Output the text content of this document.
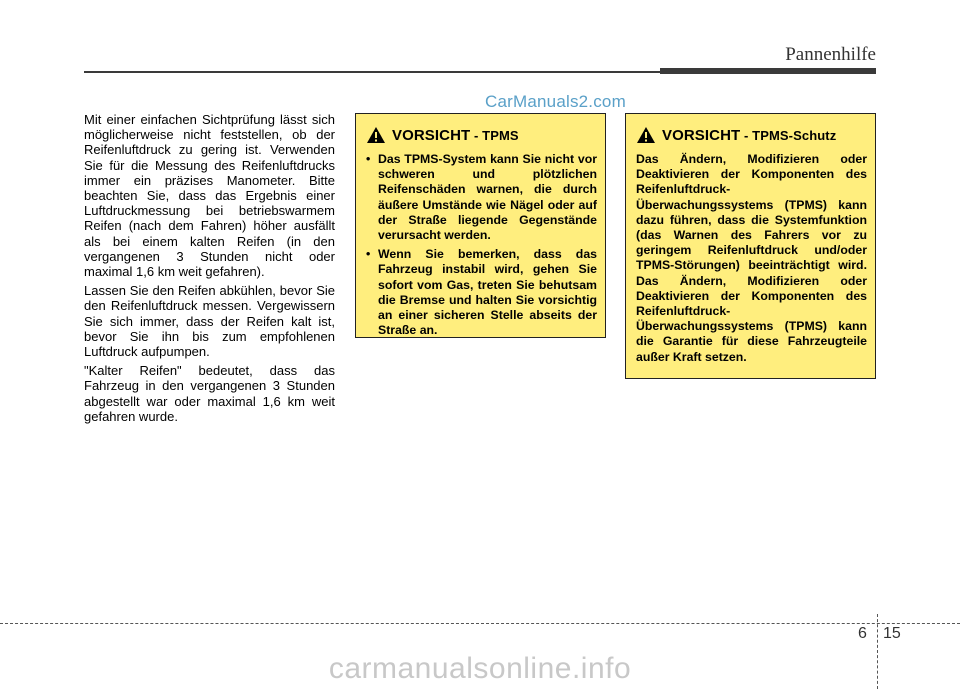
Pannenhilfe
CarManuals2.com

Mit einer einfachen Sichtprüfung lässt sich möglicherweise nicht feststellen, ob der Reifenluftdruck zu gering ist. Verwenden Sie für die Messung des Reifenluftdrucks immer ein präzises Manometer. Bitte beachten Sie, dass das Ergebnis einer Luftdruckmessung bei betriebswarmem Reifen (nach dem Fahren) höher ausfällt als bei einem kalten Reifen (in den vergangenen 3 Stunden nicht oder maximal 1,6 km weit gefahren).

Lassen Sie den Reifen abkühlen, bevor Sie den Reifenluftdruck messen. Vergewissern Sie sich immer, dass der Reifen kalt ist, bevor Sie ihn bis zum empfohlenen Luftdruck aufpumpen.

"Kalter Reifen" bedeutet, dass das Fahrzeug in den vergangenen 3 Stunden abgestellt war oder maximal 1,6 km weit gefahren wurde.

VORSICHT - TPMS
• Das TPMS-System kann Sie nicht vor schweren und plötzlichen Reifenschäden warnen, die durch äußere Umstände wie Nägel oder auf der Straße liegende Gegenstände verursacht werden.
• Wenn Sie bemerken, dass das Fahrzeug instabil wird, gehen Sie sofort vom Gas, treten Sie behutsam die Bremse und halten Sie vorsichtig an einer sicheren Stelle abseits der Straße an.
VORSICHT - TPMS-Schutz
Das Ändern, Modifizieren oder Deaktivieren der Komponenten des Reifenluftdruck-Überwachungssystems (TPMS) kann dazu führen, dass die Systemfunktion (das Warnen des Fahrers vor zu geringem Reifenluftdruck und/oder TPMS-Störungen) beeinträchtigt wird. Das Ändern, Modifizieren oder Deaktivieren der Komponenten des Reifenluftdruck-Überwachungssystems (TPMS) kann die Garantie für diese Fahrzeugteile außer Kraft setzen.
6 15
carmanualsonline.info
